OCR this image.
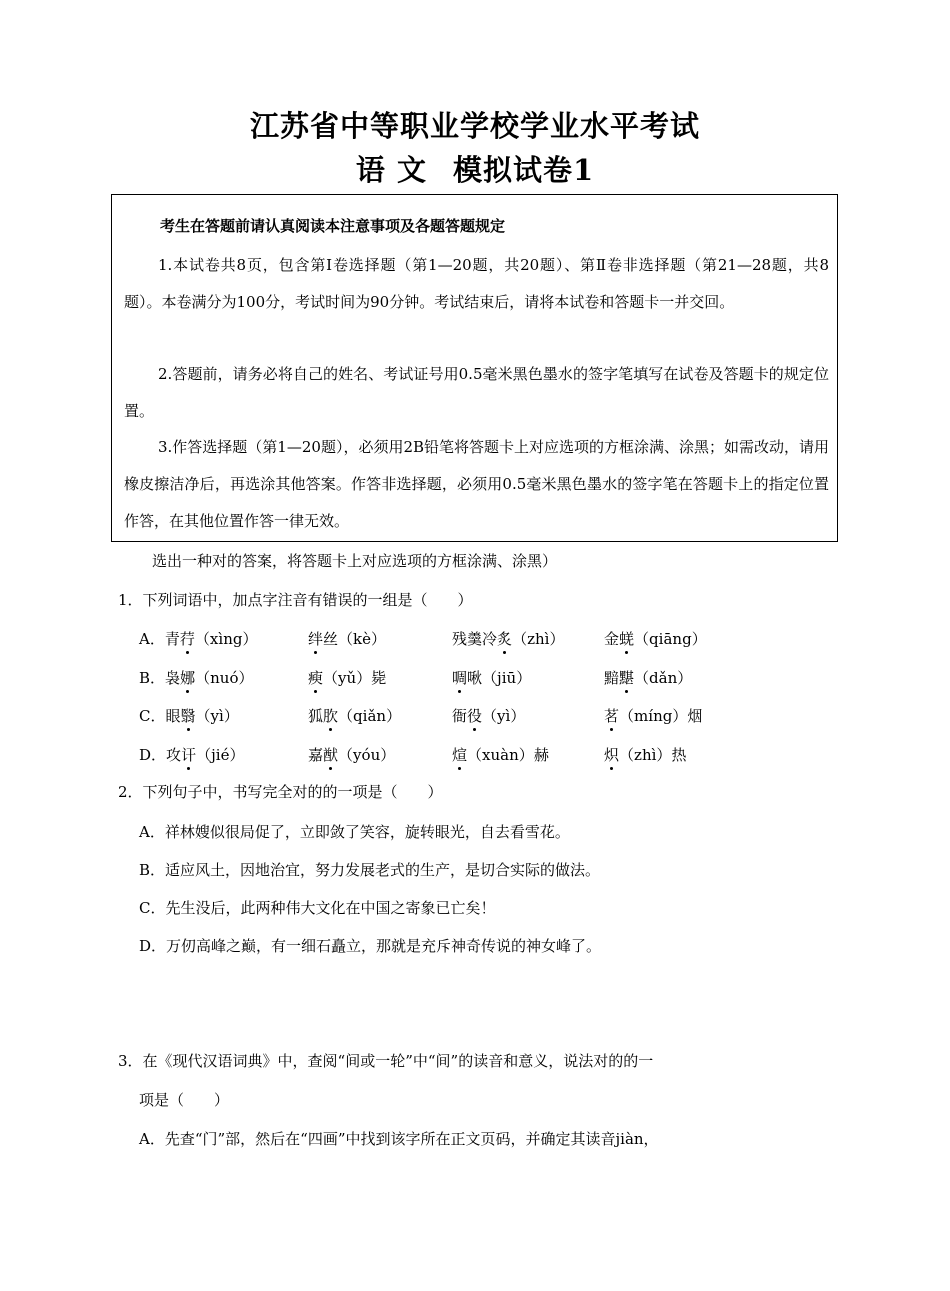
江苏省中等职业学校学业水平考试
语 文 模拟试卷1
考生在答题前请认真阅读本注意事项及各题答题规定
1.本试卷共8页，包含第Ⅰ卷选择题（第1—20题，共20题）、第Ⅱ卷非选择题（第21—28题，共8题）。本卷满分为100分，考试时间为90分钟。考试结束后，请将本试卷和答题卡一并交回。
2.答题前，请务必将自己的姓名、考试证号用0.5毫米黑色墨水的签字笔填写在试卷及答题卡的规定位置。
3.作答选择题（第1—20题），必须用2B铅笔将答题卡上对应选项的方框涂满、涂黑；如需改动，请用橡皮擦洁净后，再选涂其他答案。作答非选择题，必须用0.5毫米黑色墨水的签字笔在答题卡上的指定位置作答，在其他位置作答一律无效。
选出一种对的答案，将答题卡上对应选项的方框涂满、涂黑）
1．下列词语中，加点字注音有错误的一组是（　　）
A．青荇（xìng）	绊丝（kè）	残羹冷炙（zhì）	金蜣（qiāng）
B．袅娜（nuó）	瘐（yǔ）毙	啁啾（jiū）	黯黮（dǎn）
C．眼翳（yì）	狐肷（qiǎn）	衙役（yì）	茗（míng）烟
D．攻讦（jié）	嘉猷（yóu）	煊（xuàn）赫	炽（zhì）热
2．下列句子中，书写完全对的的一项是（　　）
A．祥林嫂似很局促了，立即敛了笑容，旋转眼光，自去看雪花。
B．适应风土，因地治宜，努力发展老式的生产，是切合实际的做法。
C．先生没后，此两种伟大文化在中国之寄象已亡矣！
D．万仞高峰之巅，有一细石矗立，那就是充斥神奇传说的神女峰了。
3．在《现代汉语词典》中，查阅“间或一轮”中“间”的读音和意义，说法对的的一
项是（　　）
A．先查“门”部，然后在“四画”中找到该字所在正文页码，并确定其读音jiàn，
